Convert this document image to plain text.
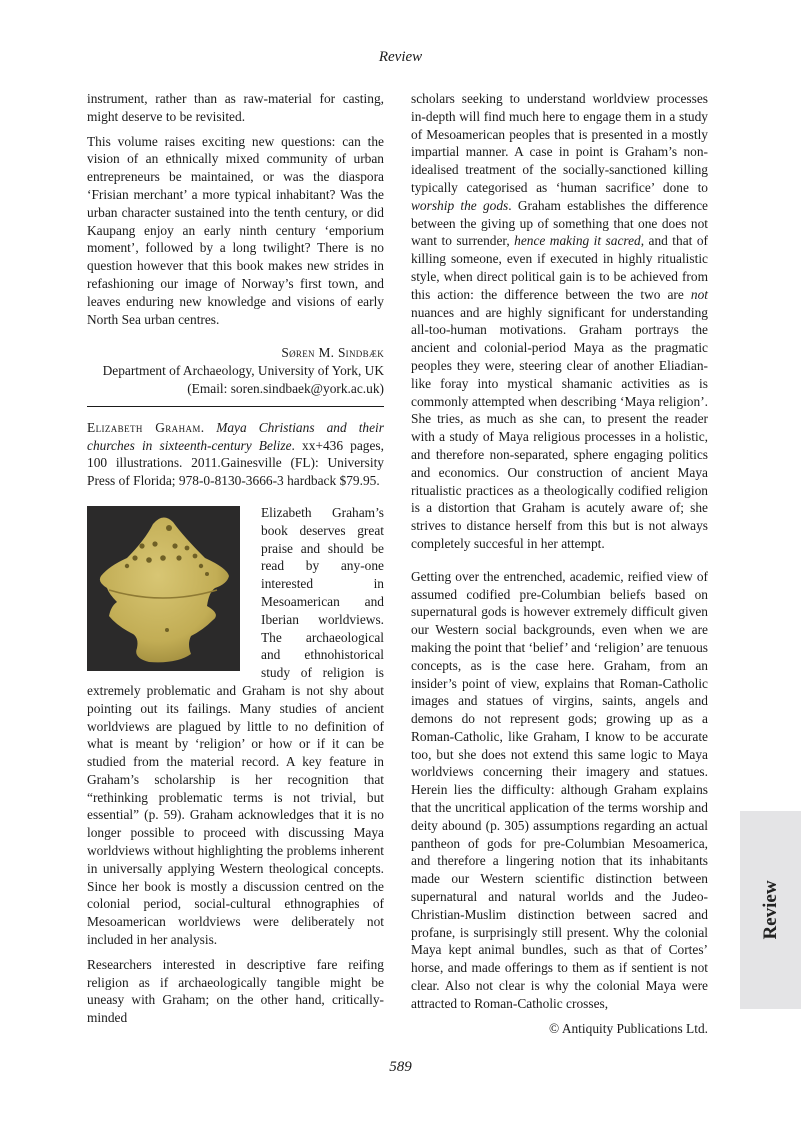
Review

instrument, rather than as raw-material for casting, might deserve to be revisited.

This volume raises exciting new questions: can the vision of an ethnically mixed community of urban entrepreneurs be maintained, or was the diaspora ‘Frisian merchant’ a more typical inhabitant? Was the urban character sustained into the tenth century, or did Kaupang enjoy an early ninth century ‘emporium moment’, followed by a long twilight? There is no question however that this book makes new strides in refashioning our image of Norway’s first town, and leaves enduring new knowledge and visions of early North Sea urban centres.

Søren M. Sindbæk
Department of Archaeology, University of York, UK
(Email: soren.sindbaek@york.ac.uk)
Elizabeth Graham. Maya Christians and their churches in sixteenth-century Belize. xx+436 pages, 100 illustrations. 2011.Gainesville (FL): University Press of Florida; 978-0-8130-3666-3 hardback $79.95.

Elizabeth Graham’s book deserves great praise and should be read by any-one interested in Mesoamerican and Iberian worldviews. The archaeological and ethnohistorical study of religion is extremely problematic and Graham is not shy about pointing out its failings. Many studies of ancient worldviews are plagued by little to no definition of what is meant by ‘religion’ or how or if it can be studied from the material record. A key feature in Graham’s scholarship is her recognition that “rethinking problematic terms is not trivial, but essential” (p. 59). Graham acknowledges that it is no longer possible to proceed with discussing Maya worldviews without highlighting the problems inherent in universally applying Western theological concepts. Since her book is mostly a discussion centred on the colonial period, social-cultural ethnographies of Mesoamerican worldviews were deliberately not included in her analysis.

Researchers interested in descriptive fare reifing religion as if archaeologically tangible might be uneasy with Graham; on the other hand, critically-minded

scholars seeking to understand worldview processes in-depth will find much here to engage them in a study of Mesoamerican peoples that is presented in a mostly impartial manner. A case in point is Graham’s non-idealised treatment of the socially-sanctioned killing typically categorised as ‘human sacrifice’ done to worship the gods. Graham establishes the difference between the giving up of something that one does not want to surrender, hence making it sacred, and that of killing someone, even if executed in highly ritualistic style, when direct political gain is to be achieved from this action: the difference between the two are not nuances and are highly significant for understanding all-too-human motivations. Graham portrays the ancient and colonial-period Maya as the pragmatic peoples they were, steering clear of another Eliadian-like foray into mystical shamanic activities as is commonly attempted when describing ‘Maya religion’. She tries, as much as she can, to present the reader with a study of Maya religious processes in a holistic, and therefore non-separated, sphere engaging politics and economics. Our construction of ancient Maya ritualistic practices as a theologically codified religion is a distortion that Graham is acutely aware of; she strives to distance herself from this but is not always completely succesful in her attempt.

Getting over the entrenched, academic, reified view of assumed codified pre-Columbian beliefs based on supernatural gods is however extremely difficult given our Western social backgrounds, even when we are making the point that ‘belief’ and ‘religion’ are tenuous concepts, as is the case here. Graham, from an insider’s point of view, explains that Roman-Catholic images and statues of virgins, saints, angels and demons do not represent gods; growing up as a Roman-Catholic, like Graham, I know to be accurate too, but she does not extend this same logic to Maya worldviews concerning their imagery and statues. Herein lies the difficulty: although Graham explains that the uncritical application of the terms worship and deity abound (p. 305) assumptions regarding an actual pantheon of gods for pre-Columbian Mesoamerica, and therefore a lingering notion that its inhabitants made our Western scientific distinction between supernatural and natural worlds and the Judeo-Christian-Muslim distinction between sacred and profane, is surprisingly still present. Why the colonial Maya kept animal bundles, such as that of Cortes’ horse, and made offerings to them as if sentient is not clear. Also not clear is why the colonial Maya were attracted to Roman-Catholic crosses,

© Antiquity Publications Ltd.
589
Review
